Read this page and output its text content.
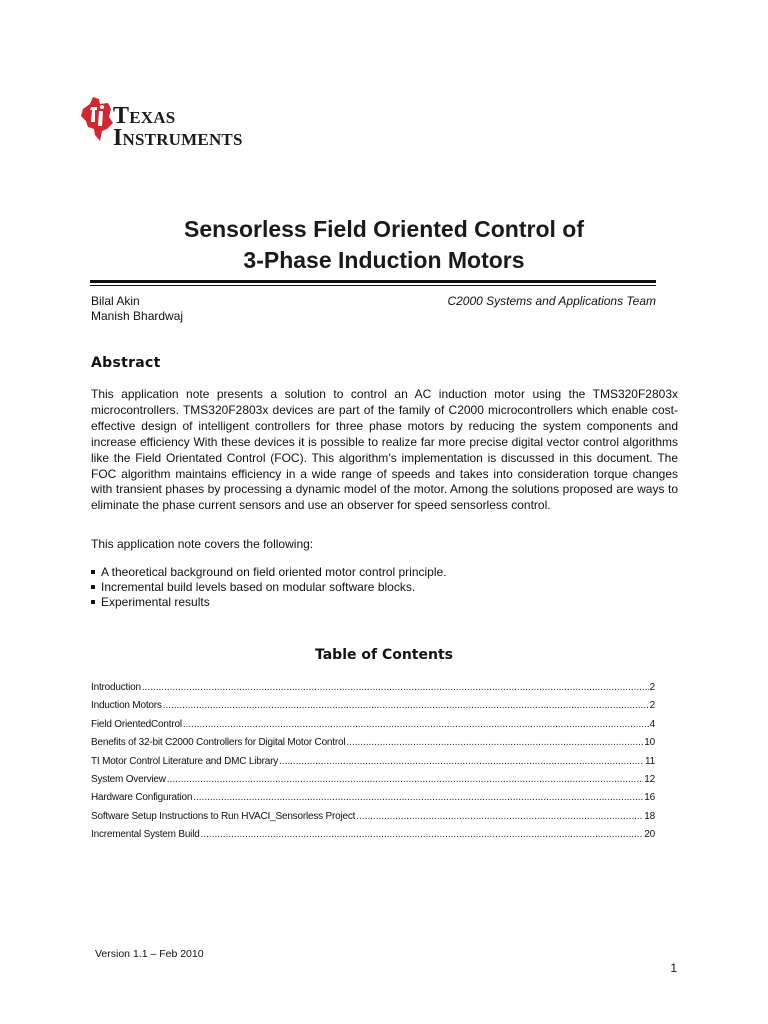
Texas
Instruments
Sensorless Field Oriented Control of
3-Phase Induction Motors
Bilal Akin
Manish Bhardwaj
C2000 Systems and Applications Team
Abstract

This application note presents a solution to control an AC induction motor using the TMS320F2803x microcontrollers. TMS320F2803x devices are part of the family of C2000 microcontrollers which enable cost-effective design of intelligent controllers for three phase motors by reducing the system components and increase efficiency With these devices it is possible to realize far more precise digital vector control algorithms like the Field Orientated Control (FOC). This algorithm’s implementation is discussed in this document. The FOC algorithm maintains efficiency in a wide range of speeds and takes into consideration torque changes with transient phases by processing a dynamic model of the motor. Among the solutions proposed are ways to eliminate the phase current sensors and use an observer for speed sensorless control.

This application note covers the following:
A theoretical background on field oriented motor control principle.
Incremental build levels based on modular software blocks.
Experimental results
Table of Contents
Introduction .....	2
Induction Motors .....	2
Field OrientedControl .....	4
Benefits of 32-bit C2000 Controllers for Digital Motor Control .....	10
TI Motor Control Literature and DMC Library .....	11
System Overview .....	12
Hardware Configuration .....	16
Software Setup Instructions to Run HVACI_Sensorless Project .....	18
Incremental System Build .....	20
Version 1.1 – Feb 2010
1
